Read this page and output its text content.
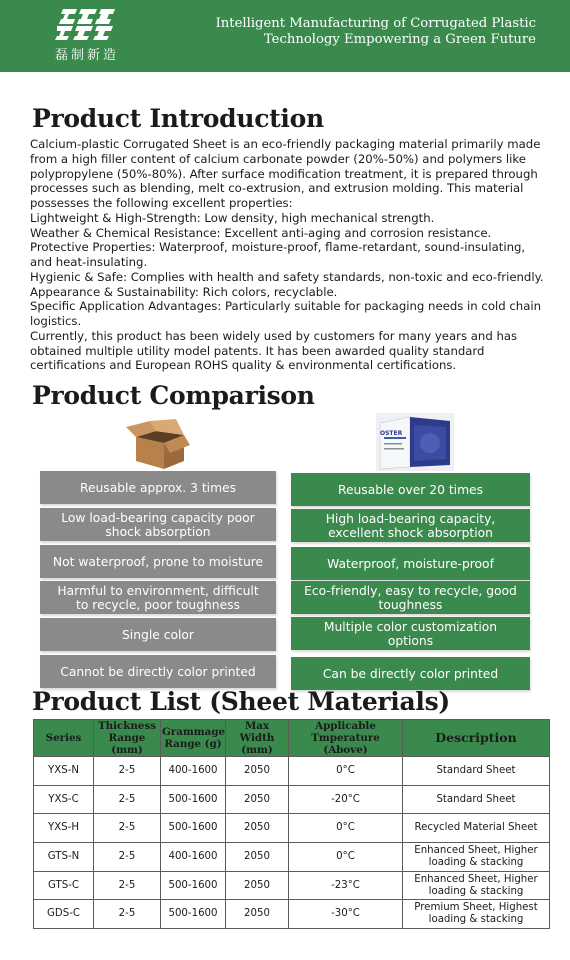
磊制新造
Intelligent Manufacturing of Corrugated Plastic
Technology Empowering a Green Future
Product Introduction

Calcium-plastic Corrugated Sheet is an eco-friendly packaging material primarily made from a high filler content of calcium carbonate powder (20%-50%) and polymers like polypropylene (50%-80%). After surface modification treatment, it is prepared through processes such as blending, melt co-extrusion, and extrusion molding. This material possesses the following excellent properties:

Lightweight & High-Strength: Low density, high mechanical strength.

Weather & Chemical Resistance: Excellent anti-aging and corrosion resistance.

Protective Properties: Waterproof, moisture-proof, flame-retardant, sound-insulating, and heat-insulating.

Hygienic & Safe: Complies with health and safety standards, non-toxic and eco-friendly.

Appearance & Sustainability: Rich colors, recyclable.

Specific Application Advantages: Particularly suitable for packaging needs in cold chain logistics.

Currently, this product has been widely used by customers for many years and has obtained multiple utility model patents. It has been awarded quality standard certifications and European ROHS quality & environmental certifications.

Product Comparison
OSTER
Reusable approx. 3 times
Low load-bearing capacity poor shock absorption
Not waterproof, prone to moisture
Harmful to environment, difficult to recycle, poor toughness
Single color
Cannot be directly color printed
Reusable over 20 times
High load-bearing capacity, excellent shock absorption
Waterproof, moisture-proof
Eco-friendly, easy to recycle, good toughness
Multiple color customization options
Can be directly color printed
Product List (Sheet Materials)
Series	Thickness Range (mm)	Grammage Range (g)	Max Width (mm)	Applicable Tmperature (Above)	Description
YXS-N	2-5	400-1600	2050	0°C	Standard Sheet
YXS-C	2-5	500-1600	2050	-20°C	Standard Sheet
YXS-H	2-5	500-1600	2050	0°C	Recycled Material Sheet
GTS-N	2-5	400-1600	2050	0°C	Enhanced Sheet, Higher loading & stacking
GTS-C	2-5	500-1600	2050	-23°C	Enhanced Sheet, Higher loading & stacking
GDS-C	2-5	500-1600	2050	-30°C	Premium Sheet, Highest loading & stacking
